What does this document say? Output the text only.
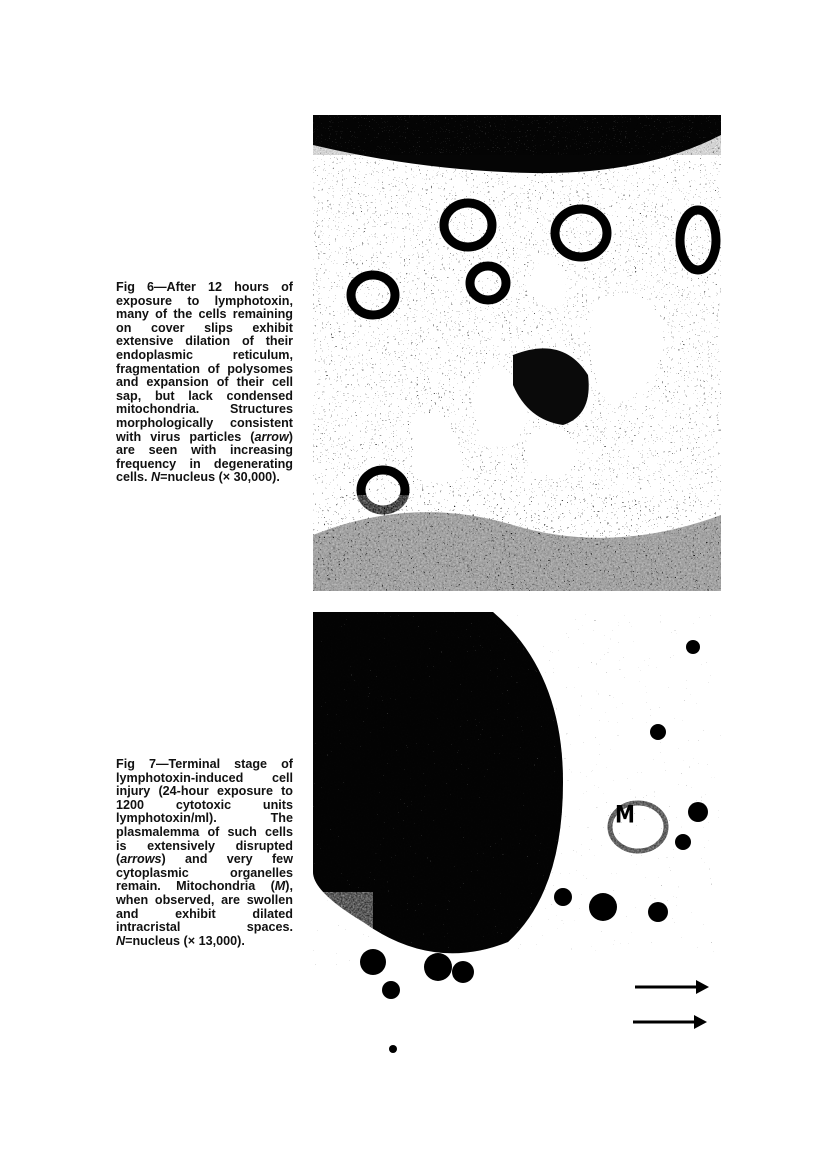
Fig 6—After 12 hours of exposure to lymphotoxin, many of the cells remaining on cover slips exhibit extensive dilation of their endoplasmic reticulum, fragmentation of polysomes and expansion of their cell sap, but lack condensed mitochondria. Structures morphologically consistent with virus particles (arrow) are seen with increasing frequency in degenerating cells. N=nucleus (× 30,000).
Fig 7—Terminal stage of lymphotoxin-induced cell injury (24-hour exposure to 1200 cytotoxic units lymphotoxin/ml). The plasmalemma of such cells is extensively disrupted (arrows) and very few cytoplasmic organelles remain. Mitochondria (M), when observed, are swollen and exhibit dilated intracristal spaces. N=nucleus (× 13,000).
M
